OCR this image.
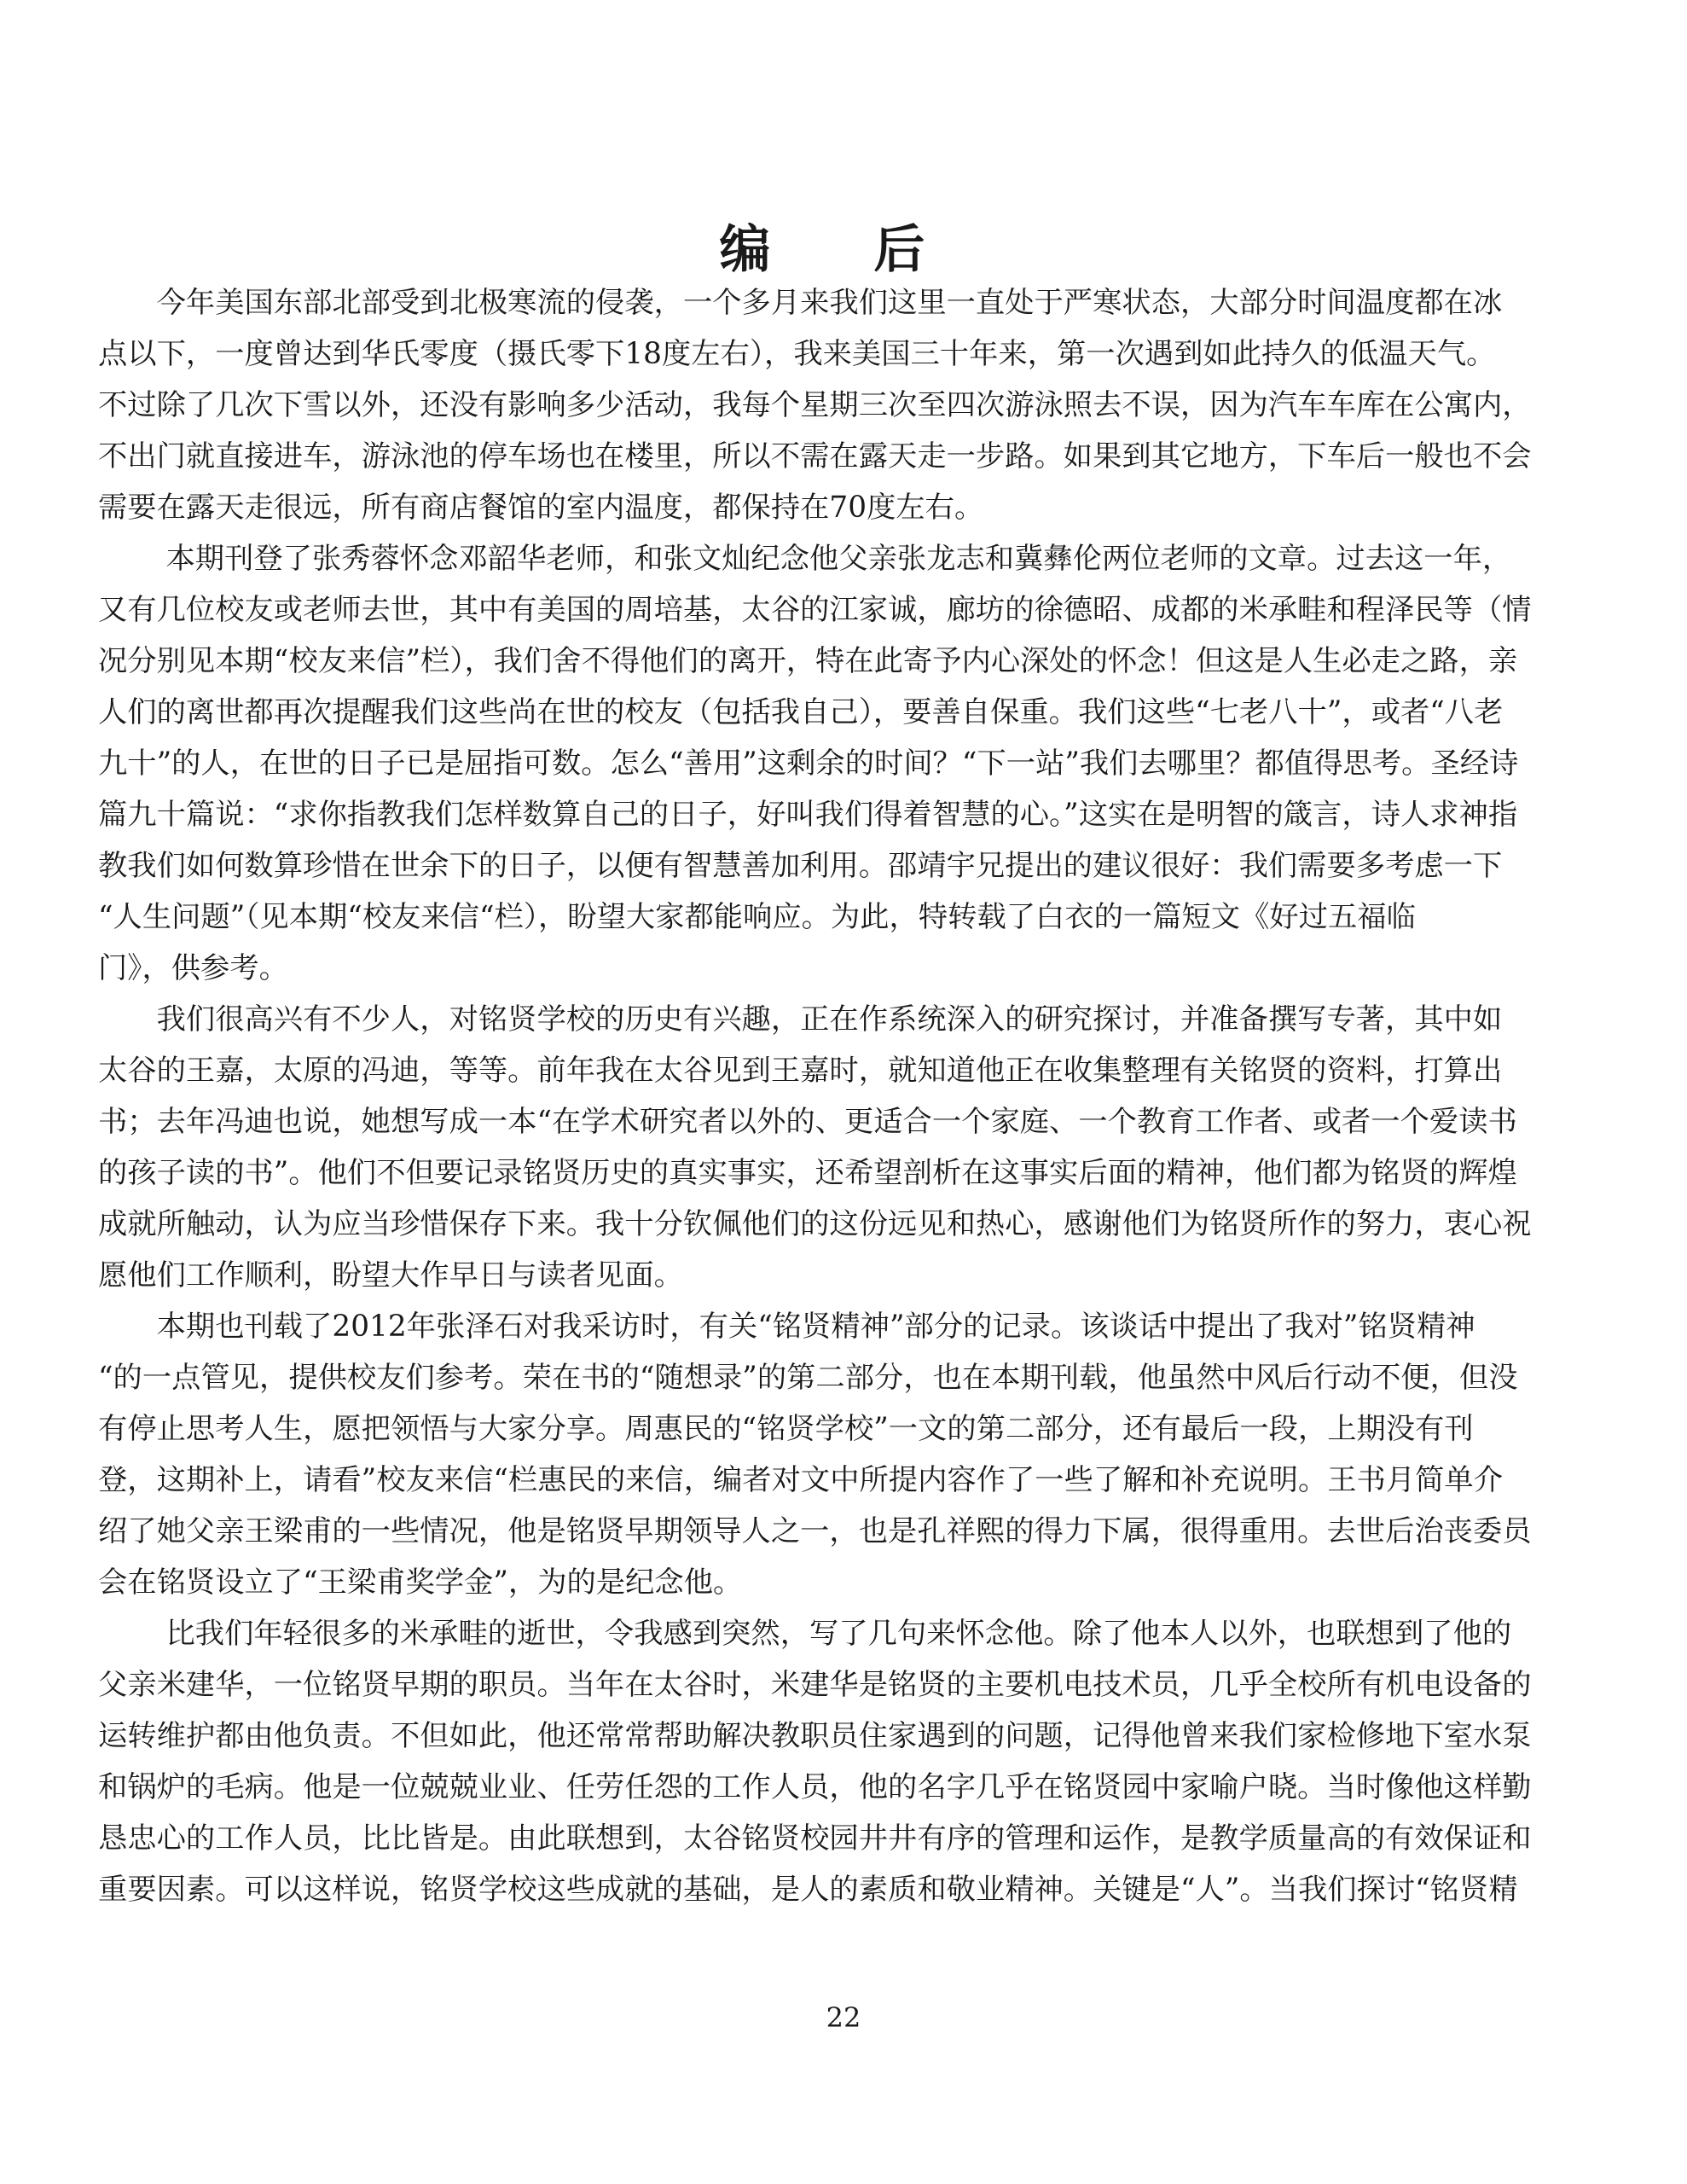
编 后
　　今年美国东部北部受到北极寒流的侵袭，一个多月来我们这里一直处于严寒状态，大部分时间温度都在冰
点以下，一度曾达到华氏零度（摄氏零下18度左右），我来美国三十年来，第一次遇到如此持久的低温天气。
不过除了几次下雪以外，还没有影响多少活动，我每个星期三次至四次游泳照去不误，因为汽车车库在公寓内，
不出门就直接进车，游泳池的停车场也在楼里，所以不需在露天走一步路。如果到其它地方，下车后一般也不会
需要在露天走很远，所有商店餐馆的室内温度，都保持在70度左右。
　　 本期刊登了张秀蓉怀念邓韶华老师，和张文灿纪念他父亲张龙志和冀彝伦两位老师的文章。过去这一年，
又有几位校友或老师去世，其中有美国的周培基，太谷的江家诚，廊坊的徐德昭、成都的米承畦和程泽民等（情
况分别见本期“校友来信”栏），我们舍不得他们的离开，特在此寄予内心深处的怀念！但这是人生必走之路，亲
人们的离世都再次提醒我们这些尚在世的校友（包括我自己），要善自保重。我们这些“七老八十”，或者“八老
九十”的人，在世的日子已是屈指可数。怎么“善用”这剩余的时间？“下一站”我们去哪里？都值得思考。圣经诗
篇九十篇说：“求你指教我们怎样数算自己的日子，好叫我们得着智慧的心。”这实在是明智的箴言，诗人求神指
教我们如何数算珍惜在世余下的日子，以便有智慧善加利用。邵靖宇兄提出的建议很好：我们需要多考虑一下
“人生问题”（见本期“校友来信“栏），盼望大家都能响应。为此，特转载了白衣的一篇短文《好过五福临
门》，供参考。
　　我们很高兴有不少人，对铭贤学校的历史有兴趣，正在作系统深入的研究探讨，并准备撰写专著，其中如
太谷的王嘉，太原的冯迪，等等。前年我在太谷见到王嘉时，就知道他正在收集整理有关铭贤的资料，打算出
书；去年冯迪也说，她想写成一本“在学术研究者以外的、更适合一个家庭、一个教育工作者、或者一个爱读书
的孩子读的书”。他们不但要记录铭贤历史的真实事实，还希望剖析在这事实后面的精神，他们都为铭贤的辉煌
成就所触动，认为应当珍惜保存下来。我十分钦佩他们的这份远见和热心，感谢他们为铭贤所作的努力，衷心祝
愿他们工作顺利，盼望大作早日与读者见面。
　　本期也刊载了2012年张泽石对我采访时，有关“铭贤精神”部分的记录。该谈话中提出了我对”铭贤精神
“的一点管见，提供校友们参考。荣在书的“随想录”的第二部分，也在本期刊载，他虽然中风后行动不便，但没
有停止思考人生，愿把领悟与大家分享。周惠民的“铭贤学校”一文的第二部分，还有最后一段，上期没有刊
登，这期补上，请看”校友来信“栏惠民的来信，编者对文中所提内容作了一些了解和补充说明。王书月简单介
绍了她父亲王梁甫的一些情况，他是铭贤早期领导人之一，也是孔祥熙的得力下属，很得重用。去世后治丧委员
会在铭贤设立了“王梁甫奖学金”，为的是纪念他。
　　 比我们年轻很多的米承畦的逝世，令我感到突然，写了几句来怀念他。除了他本人以外，也联想到了他的
父亲米建华，一位铭贤早期的职员。当年在太谷时，米建华是铭贤的主要机电技术员，几乎全校所有机电设备的
运转维护都由他负责。不但如此，他还常常帮助解决教职员住家遇到的问题，记得他曾来我们家检修地下室水泵
和锅炉的毛病。他是一位兢兢业业、任劳任怨的工作人员，他的名字几乎在铭贤园中家喻户晓。当时像他这样勤
恳忠心的工作人员，比比皆是。由此联想到，太谷铭贤校园井井有序的管理和运作，是教学质量高的有效保证和
重要因素。可以这样说，铭贤学校这些成就的基础，是人的素质和敬业精神。关键是“人”。当我们探讨“铭贤精
22
